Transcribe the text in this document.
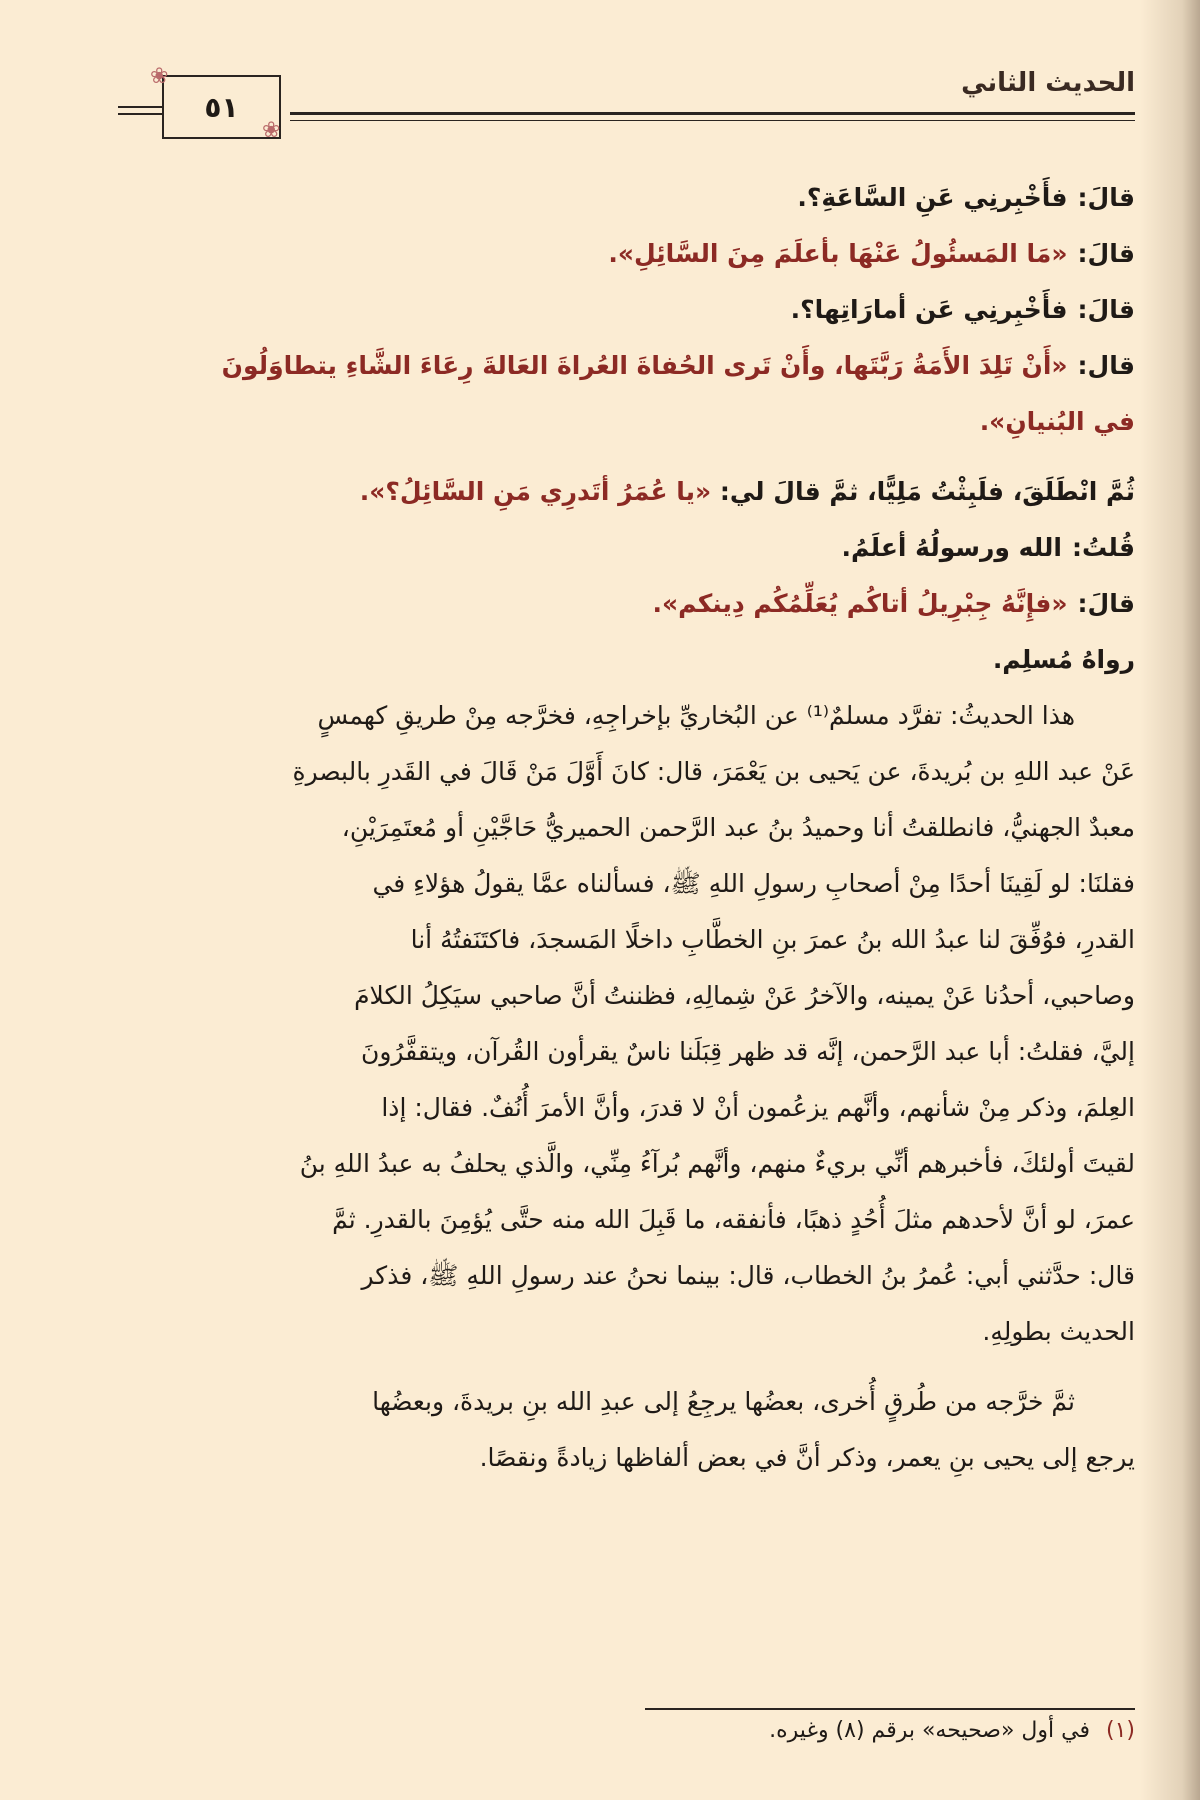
الحديث الثاني
٥١
❀
❀
قالَ:فأَخْبِرنِي عَنِ السَّاعَةِ؟.
قالَ:«مَا المَسئُولُ عَنْهَا بأعلَمَ مِنَ السَّائِلِ».
قالَ:فأَخْبِرنِي عَن أمارَاتِها؟.
قال:«أَنْ تَلِدَ الأَمَةُ رَبَّتَها، وأَنْ تَرى الحُفاةَ العُراةَ العَالةَ رِعَاءَ الشَّاءِ يتطاوَلُونَ
في البُنيانِ».
ثُمَّ انْطَلَقَ، فلَبِثْتُ مَلِيًّا، ثمَّ قالَ لي: «يا عُمَرُ أتَدرِي مَنِ السَّائِلُ؟».
قُلتُ:الله ورسولُهُ أعلَمُ.
قالَ:«فإِنَّهُ جِبْرِيلُ أتاكُم يُعَلِّمُكُم دِينكم».
رواهُ مُسلِم.
هذا الحديثُ: تفرَّد مسلمٌ⁽¹⁾ عن البُخاريِّ بإخراجِهِ، فخرَّجه مِنْ طريقِ كهمسٍ
عَنْ عبد اللهِ بن بُريدةَ، عن يَحيى بن يَعْمَرَ، قال: كانَ أَوَّلَ مَنْ قَالَ في القَدرِ بالبصرةِ
معبدٌ الجهنيُّ، فانطلقتُ أنا وحميدُ بنُ عبد الرَّحمن الحميريُّ حَاجَّيْنِ أو مُعتَمِرَيْنِ،
فقلنَا: لو لَقِينَا أحدًا مِنْ أصحابِ رسولِ اللهِ ﷺ، فسألناه عمَّا يقولُ هؤلاءِ في
القدرِ، فوُفِّقَ لنا عبدُ الله بنُ عمرَ بنِ الخطَّابِ داخلًا المَسجدَ، فاكتَنَفتُهُ أنا
وصاحبي، أحدُنا عَنْ يمينه، والآخرُ عَنْ شِمالِهِ، فظننتُ أنَّ صاحبي سيَكِلُ الكلامَ
إليَّ، فقلتُ: أبا عبد الرَّحمن، إنَّه قد ظهر قِبَلَنا ناسٌ يقرأون القُرآن، ويتقفَّرُونَ
العِلمَ، وذكر مِنْ شأنهم، وأنَّهم يزعُمون أنْ لا قدرَ، وأنَّ الأمرَ أُنُفٌ. فقال: إذا
لقيتَ أولئكَ، فأخبرهم أنِّي بريءٌ منهم، وأنَّهم بُرآءُ مِنِّي، والَّذي يحلفُ به عبدُ اللهِ بنُ
عمرَ، لو أنَّ لأحدهم مثلَ أُحُدٍ ذهبًا، فأنفقه، ما قَبِلَ الله منه حتَّى يُؤمِنَ بالقدرِ. ثمَّ
قال: حدَّثني أبي: عُمرُ بنُ الخطاب، قال: بينما نحنُ عند رسولِ اللهِ ﷺ، فذكر
الحديث بطولِهِ.
ثمَّ خرَّجه من طُرقٍ أُخرى، بعضُها يرجِعُ إلى عبدِ الله بنِ بريدةَ، وبعضُها
يرجع إلى يحيى بنِ يعمر، وذكر أنَّ في بعض ألفاظها زيادةً ونقصًا.
(١)في أول «صحيحه» برقم (٨) وغيره.
